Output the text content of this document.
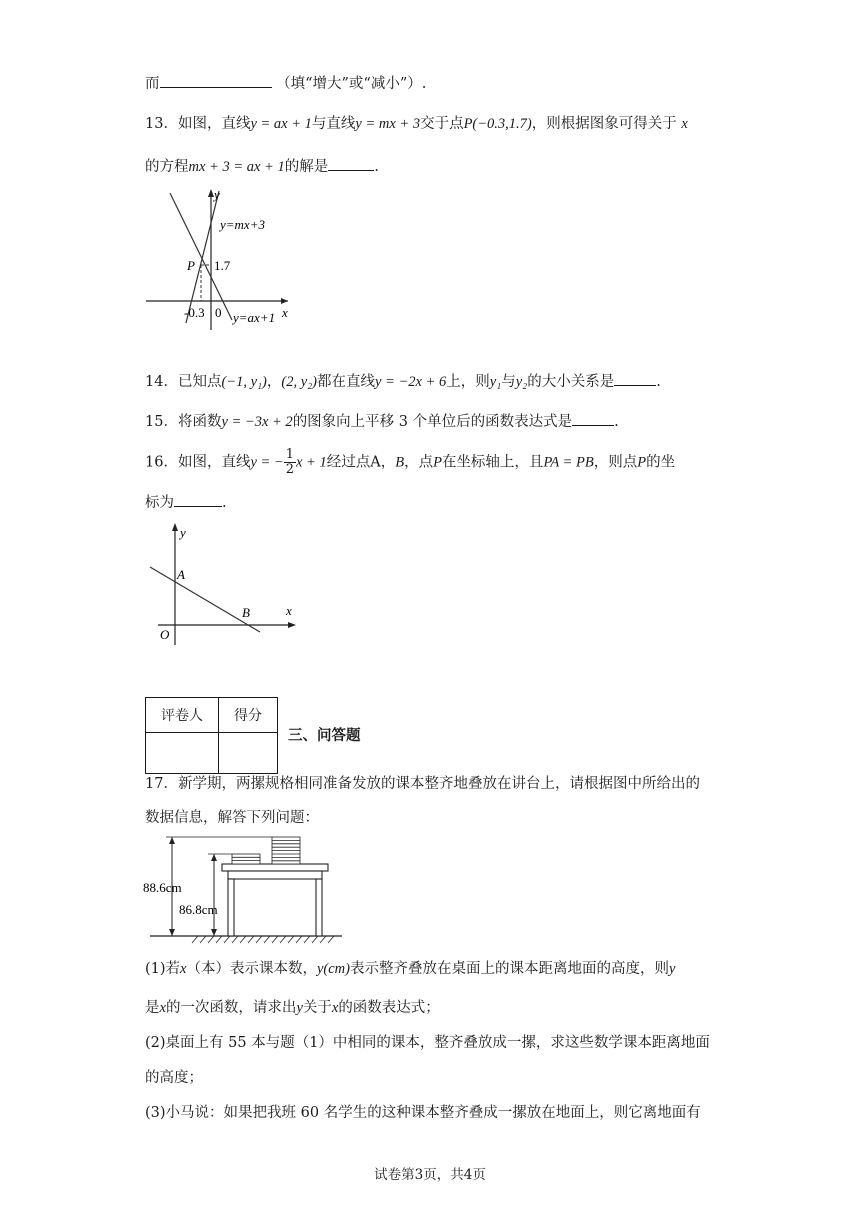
而	（填“增大”或“减小”）.
13．如图，直线y = ax + 1与直线y = mx + 3交于点P(−0.3,1.7)，则根据图象可得关于 x
的方程mx + 3 = ax + 1的解是	.
y
x
y=mx+3
P 1.7
-0.3 0 y=ax+1
14．已知点(−1, y₁)，(2, y₂)都在直线y = −2x + 6上，则y₁与y₂的大小关系是	.
15．将函数y = −3x + 2的图象向上平移 3 个单位后的函数表达式是	.
16．如图，直线y = − $\frac{1}{2}$ x + 1经过点A，B，点P在坐标轴上，且PA = PB，则点P的坐
标为	.
y
x
A
B
O
评卷人	得分

三、问答题
17．新学期，两摞规格相同准备发放的课本整齐地叠放在讲台上，请根据图中所给出的
数据信息，解答下列问题：
88.6cm
86.8cm
(1)若x（本）表示课本数，y(cm)表示整齐叠放在桌面上的课本距离地面的高度，则y
是x的一次函数，请求出y关于x的函数表达式；
(2)桌面上有 55 本与题（1）中相同的课本，整齐叠放成一摞，求这些数学课本距离地面
的高度；
(3)小马说：如果把我班 60 名学生的这种课本整齐叠成一摞放在地面上，则它离地面有
试卷第3页，共4页
